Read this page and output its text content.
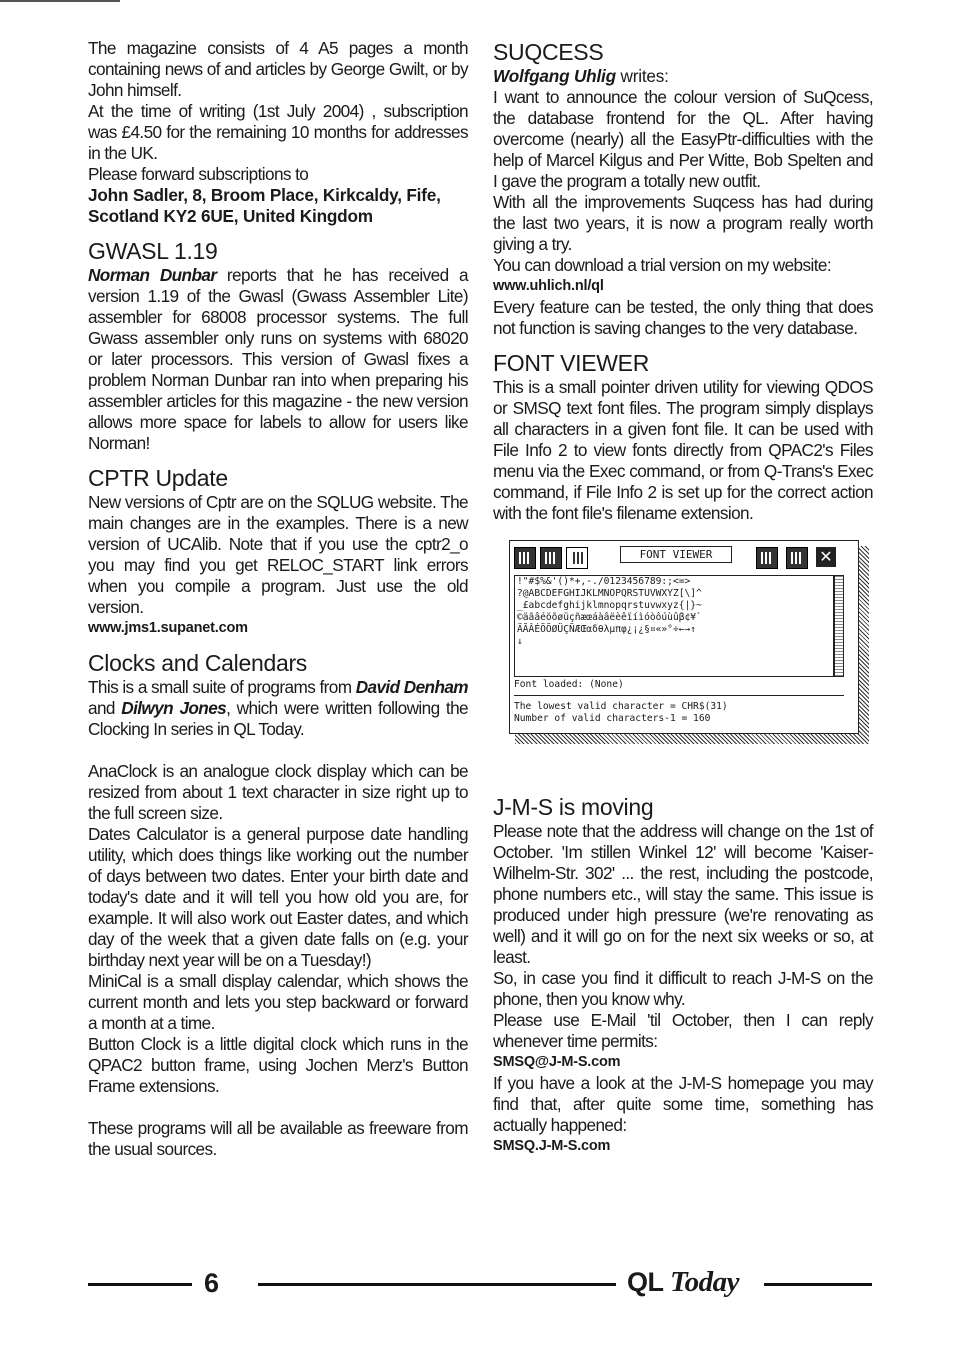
The magazine consists of 4 A5 pages a month containing news of and articles by George Gwilt, or by John himself.

At the time of writing (1st July 2004) , subscription was £4.50 for the remaining 10 months for addresses in the UK.

Please forward subscriptions to

John Sadler, 8, Broom Place, Kirkcaldy, Fife, Scotland KY2 6UE, United Kingdom

GWASL 1.19

Norman Dunbar reports that he has received a version 1.19 of the Gwasl (Gwass Assembler Lite) assembler for 68008 processor systems. The full Gwass assembler only runs on systems with 68020 or later processors. This version of Gwasl fixes a problem Norman Dunbar ran into when preparing his assembler articles for this magazine - the new version allows more space for labels to allow for users like Norman!

CPTR Update

New versions of Cptr are on the SQLUG website. The main changes are in the examples. There is a new version of UCAlib. Note that if you use the cptr2_o you may find you get RELOC_START link errors when you compile a program. Just use the old version.

www.jms1.supanet.com

Clocks and Calendars

This is a small suite of programs from David Denham and Dilwyn Jones, which were written following the Clocking In series in QL Today.

AnaClock is an analogue clock display which can be resized from about 1 text character in size right up to the full screen size.

Dates Calculator is a general purpose date handling utility, which does things like working out the number of days between two dates. Enter your birth date and today's date and it will tell you how old you are, for example. It will also work out Easter dates, and which day of the week that a given date falls on (e.g. your birthday next year will be on a Tuesday!)

MiniCal is a small display calendar, which shows the current month and lets you step backward or forward a month at a time.

Button Clock is a little digital clock which runs in the QPAC2 button frame, using Jochen Merz's Button Frame extensions.

These programs will all be available as freeware from the usual sources.

SUQCESS

Wolfgang Uhlig writes:

I want to announce the colour version of SuQcess, the database frontend for the QL. After having overcome (nearly) all the EasyPtr-difficulties with the help of Marcel Kilgus and Per Witte, Bob Spelten and I gave the program a totally new outfit.

With all the improvements Suqcess has had during the last two years, it is now a program really worth giving a try.

You can download a trial version on my website:

www.uhlich.nl/ql

Every feature can be tested, the only thing that does not function is saving changes to the very database.

FONT VIEWER

This is a small pointer driven utility for viewing QDOS or SMSQ text font files. The program simply displays all characters in a given font file. It can be used with File Info 2 to view fonts directly from QPAC2's Files menu via the Exec command, or from Q-Trans's Exec command, if File Info 2 is set up for the correct action with the font file's filename extension.

FONT VIEWER	✕
!"#$%&'()*+,-./0123456789:;<=>
?@ABCDEFGHIJKLMNOPQRSTUVWXYZ[\]^
_£abcdefghijklmnopqrstuvwxyz{|}~
©äãâéöõøüçñæœáàâëèêïíìóòôúùûβ¢¥`
ÄÃÂÉÖÕØÜÇÑÆŒαδθλμπφ¿¡¿§¤«»°÷←→↑
↓
Font loaded: (None)
The lowest valid character = CHR$(31)
Number of valid characters-1 = 160
J-M-S is moving

Please note that the address will change on the 1st of October. 'Im stillen Winkel 12' will become 'Kaiser-Wilhelm-Str. 302' ... the rest, including the postcode, phone numbers etc., will stay the same. This issue is produced under high pressure (we're renovating as well) and it will go on for the next six weeks or so, at least.

So, in case you find it difficult to reach J-M-S on the phone, then you know why.

Please use E-Mail 'til October, then I can reply whenever time permits:

SMSQ@J-M-S.com

If you have a look at the J-M-S homepage you may find that, after quite some time, something has actually happened:

SMSQ.J-M-S.com

6	QL Today
